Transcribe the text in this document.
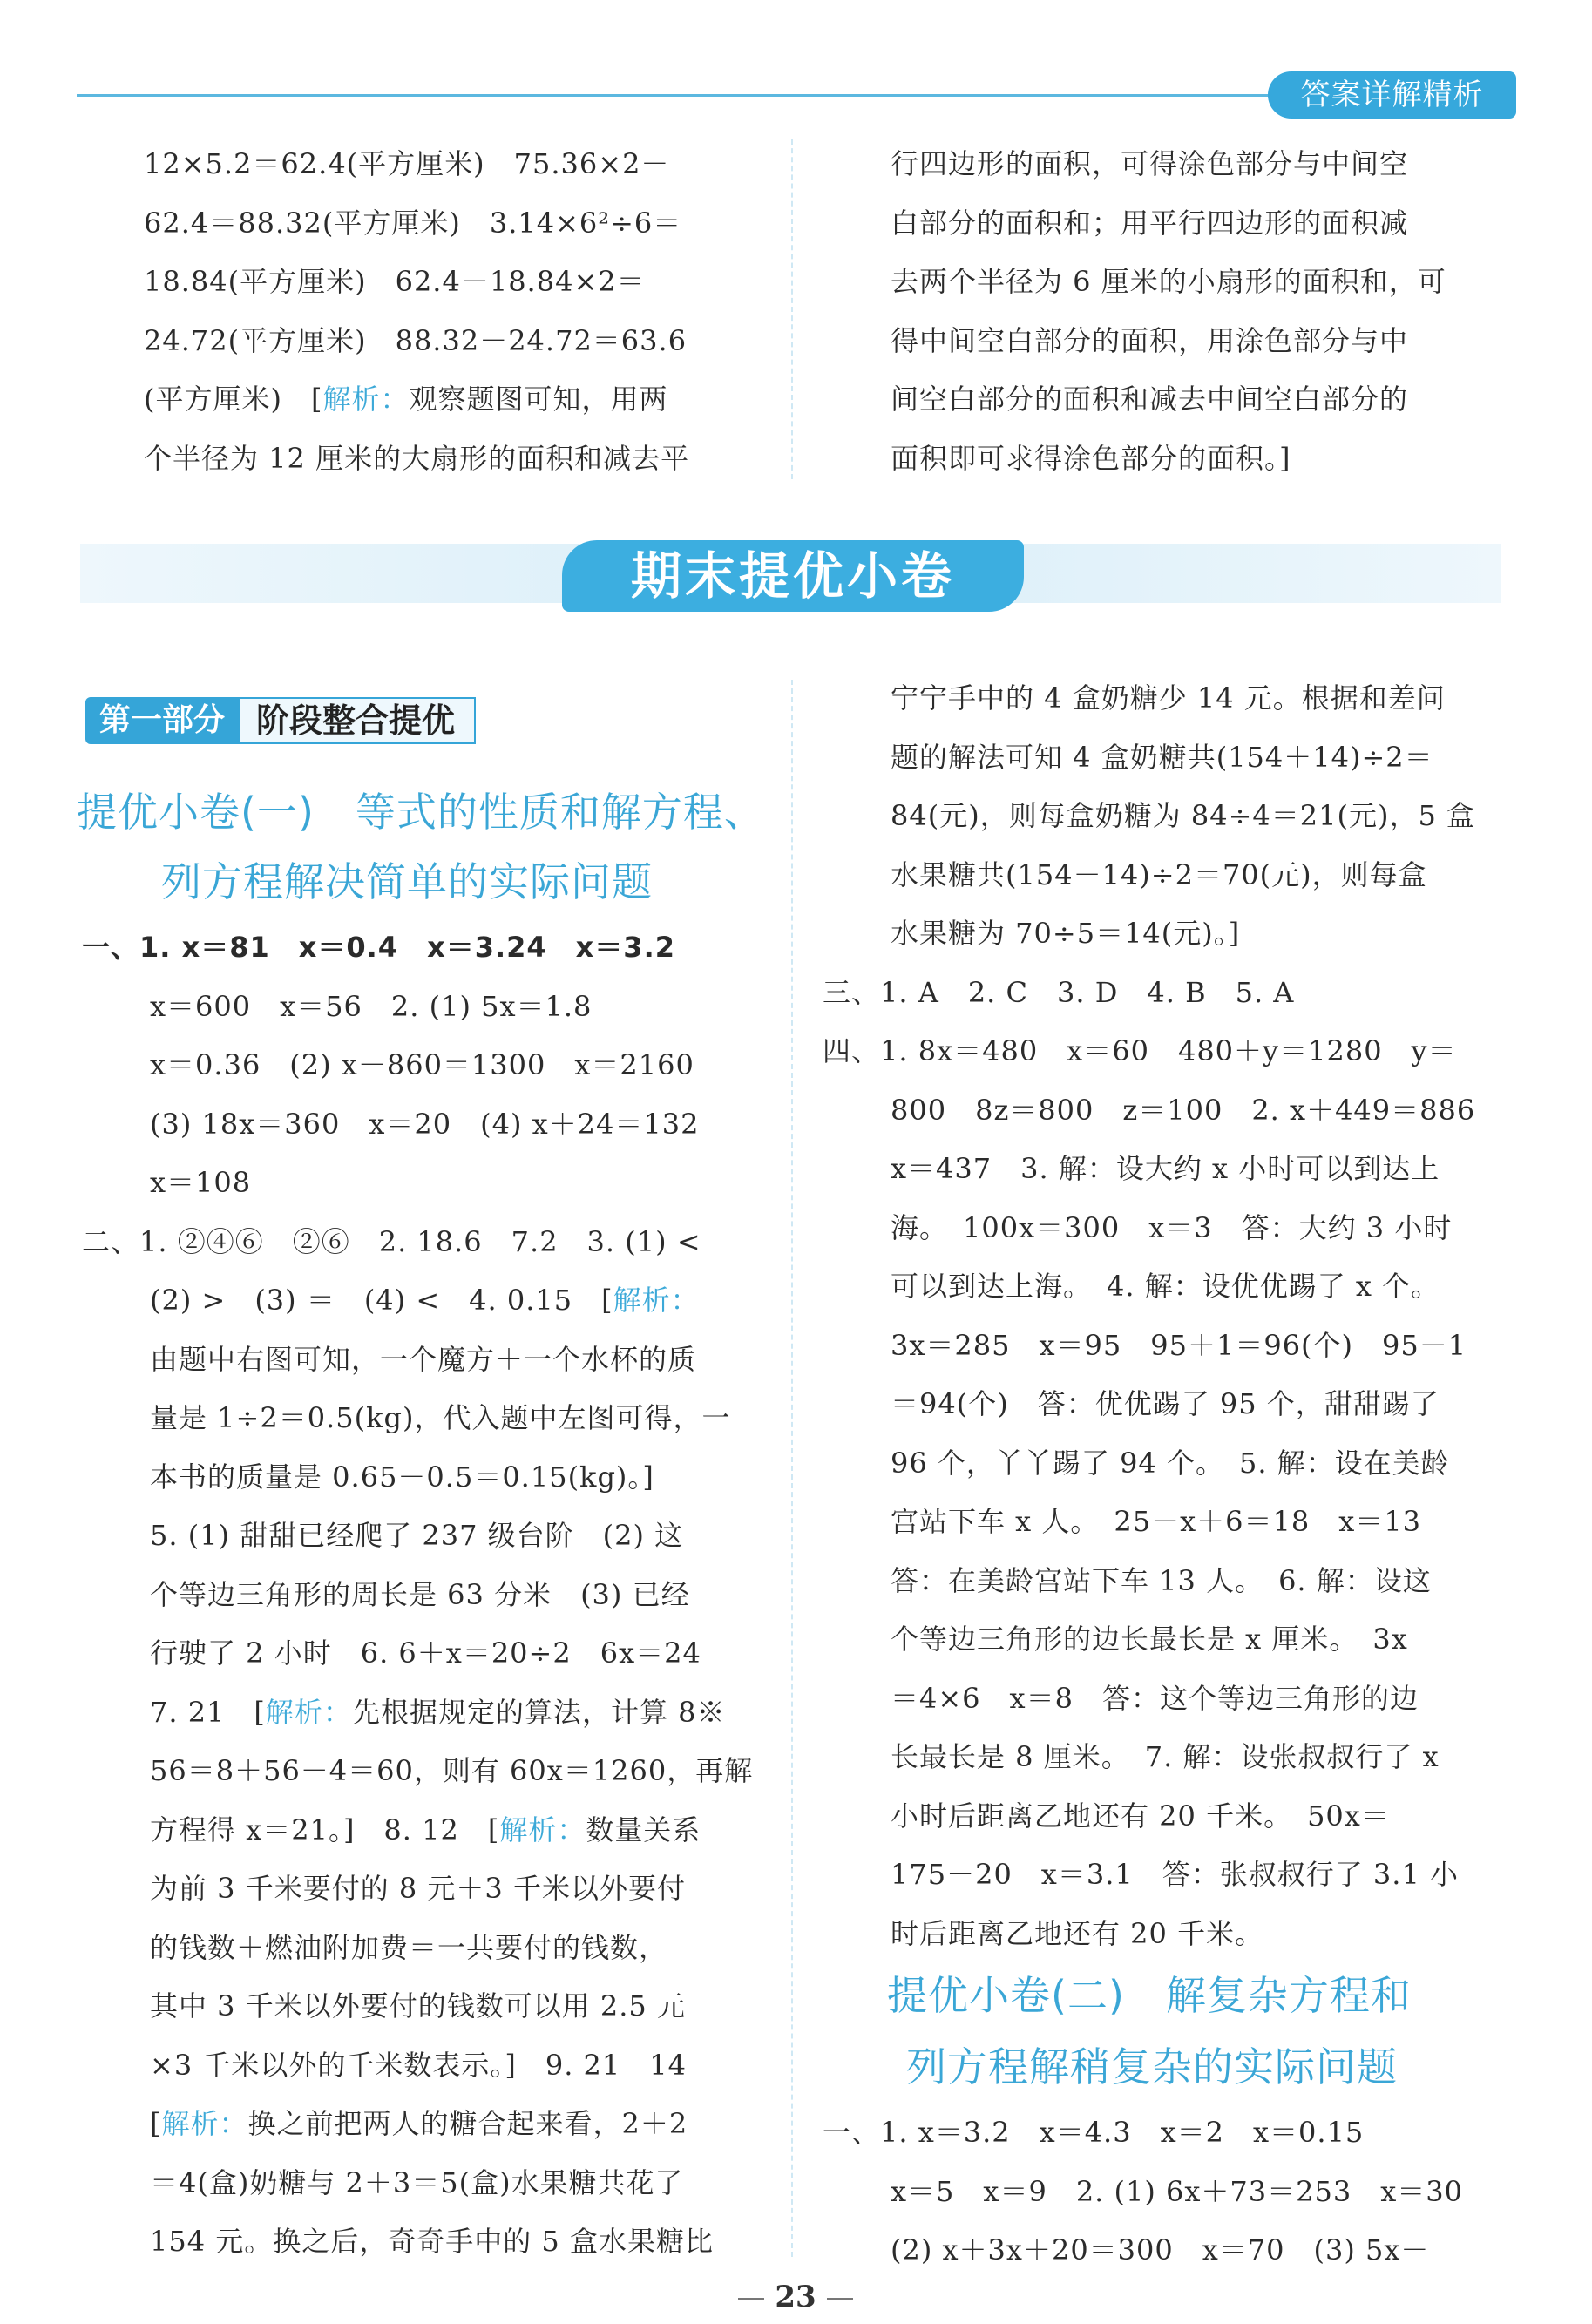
答案详解精析

12×5.2＝62.4(平方厘米)　75.36×2－

62.4＝88.32(平方厘米)　3.14×6²÷6＝

18.84(平方厘米)　62.4－18.84×2＝

24.72(平方厘米)　88.32－24.72＝63.6

(平方厘米)　[解析：观察题图可知，用两

个半径为 12 厘米的大扇形的面积和减去平

行四边形的面积，可得涂色部分与中间空

白部分的面积和；用平行四边形的面积减

去两个半径为 6 厘米的小扇形的面积和，可

得中间空白部分的面积，用涂色部分与中

间空白部分的面积和减去中间空白部分的

面积即可求得涂色部分的面积。]

期末提优小卷
第一部分 阶段整合提优
提优小卷(一)　等式的性质和解方程、
列方程解决简单的实际问题

一、1. x＝81　x＝0.4　x＝3.24　x＝3.2

x＝600　x＝56　2. (1) 5x＝1.8

x＝0.36　(2) x－860＝1300　x＝2160

(3) 18x＝360　x＝20　(4) x＋24＝132

x＝108

二、1. ②④⑥　②⑥　2. 18.6　7.2　3. (1) <

(2) >　(3) ＝　(4) <　4. 0.15　[解析：

由题中右图可知，一个魔方＋一个水杯的质

量是 1÷2＝0.5(kg)，代入题中左图可得，一

本书的质量是 0.65－0.5＝0.15(kg)。]

5. (1) 甜甜已经爬了 237 级台阶　(2) 这

个等边三角形的周长是 63 分米　(3) 已经

行驶了 2 小时　6. 6＋x＝20÷2　6x＝24

7. 21　[解析：先根据规定的算法，计算 8※

56＝8＋56－4＝60，则有 60x＝1260，再解

方程得 x＝21。]　8. 12　[解析：数量关系

为前 3 千米要付的 8 元＋3 千米以外要付

的钱数＋燃油附加费＝一共要付的钱数，

其中 3 千米以外要付的钱数可以用 2.5 元

×3 千米以外的千米数表示。]　9. 21　14

[解析：换之前把两人的糖合起来看，2＋2

＝4(盒)奶糖与 2＋3＝5(盒)水果糖共花了

154 元。换之后，奇奇手中的 5 盒水果糖比

宁宁手中的 4 盒奶糖少 14 元。根据和差问

题的解法可知 4 盒奶糖共(154＋14)÷2＝

84(元)，则每盒奶糖为 84÷4＝21(元)，5 盒

水果糖共(154－14)÷2＝70(元)，则每盒

水果糖为 70÷5＝14(元)。]

三、1. A　2. C　3. D　4. B　5. A

四、1. 8x＝480　x＝60　480＋y＝1280　y＝

800　8z＝800　z＝100　2. x＋449＝886

x＝437　3. 解：设大约 x 小时可以到达上

海。　100x＝300　x＝3　答：大约 3 小时

可以到达上海。　4. 解：设优优踢了 x 个。

3x＝285　x＝95　95＋1＝96(个)　95－1

＝94(个)　答：优优踢了 95 个，甜甜踢了

96 个，丫丫踢了 94 个。　5. 解：设在美龄

宫站下车 x 人。　25－x＋6＝18　x＝13

答：在美龄宫站下车 13 人。　6. 解：设这

个等边三角形的边长最长是 x 厘米。　3x

＝4×6　x＝8　答：这个等边三角形的边

长最长是 8 厘米。　7. 解：设张叔叔行了 x

小时后距离乙地还有 20 千米。　50x＝

175－20　x＝3.1　答：张叔叔行了 3.1 小

时后距离乙地还有 20 千米。

提优小卷(二)　解复杂方程和
列方程解稍复杂的实际问题

一、1. x＝3.2　x＝4.3　x＝2　x＝0.15

x＝5　x＝9　2. (1) 6x＋73＝253　x＝30

(2) x＋3x＋20＝300　x＝70　(3) 5x－

23
